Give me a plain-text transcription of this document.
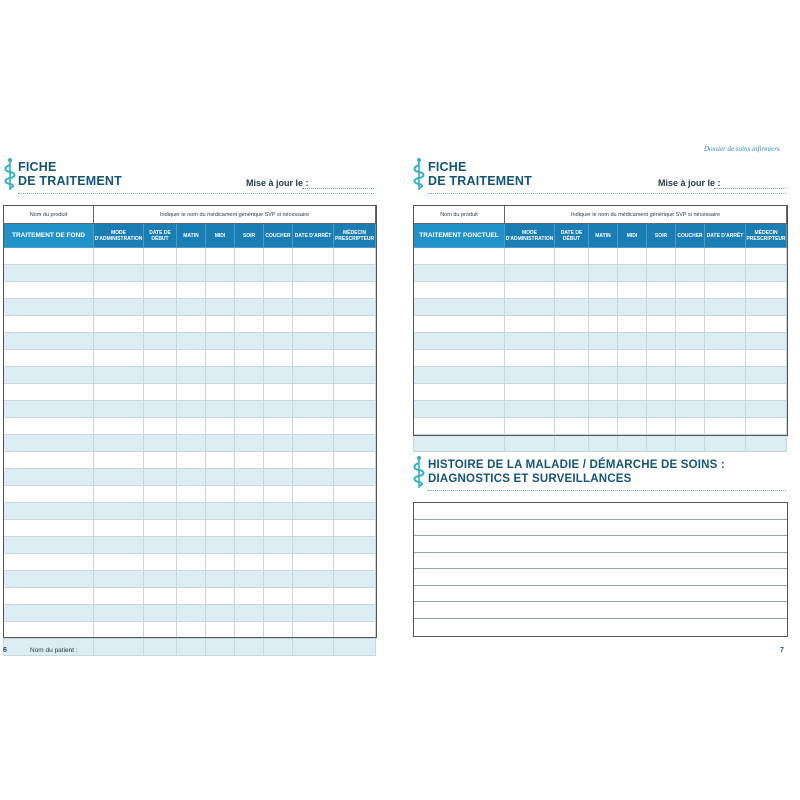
Dossier de soins infirmiers
FICHE
DE TRAITEMENT	Mise à jour le :
Nom du produit	Indiquer le nom du médicament générique SVP si nécessaire							
TRAITEMENT DE FOND	MODE D'ADMINISTRATION	DATE DE DÉBUT	MATIN	MIDI	SOIR	COUCHER	DATE D'ARRÊT	MÉDECIN PRESCRIPTEUR

6	Nom du patient :
FICHE
DE TRAITEMENT	Mise à jour le :
Nom du produit	Indiquer le nom du médicament générique SVP si nécessaire							
TRAITEMENT PONCTUEL	MODE D'ADMINISTRATION	DATE DE DÉBUT	MATIN	MIDI	SOIR	COUCHER	DATE D'ARRÊT	MÉDECIN PRESCRIPTEUR

HISTOIRE DE LA MALADIE / DÉMARCHE DE SOINS :
DIAGNOSTICS ET SURVEILLANCES
7
